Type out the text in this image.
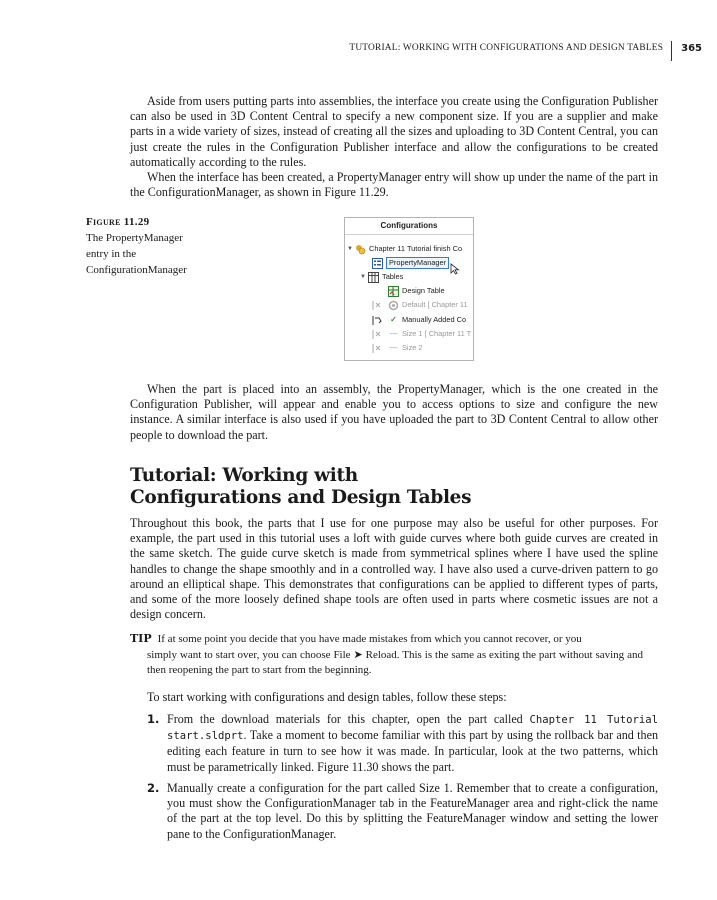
TUTORIAL: WORKING WITH CONFIGURATIONS AND DESIGN TABLES	365

Aside from users putting parts into assemblies, the interface you create using the Configuration Publisher can also be used in 3D Content Central to specify a new component size. If you are a supplier and make parts in a wide variety of sizes, instead of creating all the sizes and uploading to 3D Content Central, you can just create the rules in the Configuration Publisher interface and allow the configurations to be created automatically according to the rules.

When the interface has been created, a PropertyManager entry will show up under the name of the part in the ConfigurationManager, as shown in Figure 11.29.

Figure 11.29
The PropertyManager
entry in the
ConfigurationManager
Configurations
▼ Chapter 11 Tutorial finish Co
PropertyManager
▼ Tables
Design Table
Default [ Chapter 11
✓ Manually Added Co
— Size 1 [ Chapter 11 T
— Size 2

When the part is placed into an assembly, the PropertyManager, which is the one created in the Configuration Publisher, will appear and enable you to access options to size and configure the new instance. A similar interface is also used if you have uploaded the part to 3D Content Central to allow other people to download the part.

Tutorial: Working with
Configurations and Design Tables

Throughout this book, the parts that I use for one purpose may also be useful for other purposes. For example, the part used in this tutorial uses a loft with guide curves where both guide curves are created in the same sketch. The guide curve sketch is made from symmetrical splines where I have used the spline handles to change the shape smoothly and in a controlled way. I have also used a curve-driven pattern to go around an elliptical shape. This demonstrates that configurations can be applied to different types of parts, and some of the more loosely defined shape tools are often used in parts where cosmetic issues are not a design concern.

TIP If at some point you decide that you have made mistakes from which you cannot recover, or you
simply want to start over, you can choose File ➤ Reload. This is the same as exiting the part without saving and then reopening the part to start from the beginning.

To start working with configurations and design tables, follow these steps:

1. From the download materials for this chapter, open the part called Chapter 11 Tutorial start.sldprt. Take a moment to become familiar with this part by using the rollback bar and then editing each feature in turn to see how it was made. In particular, look at the two patterns, which must be parametrically linked. Figure 11.30 shows the part.
2. Manually create a configuration for the part called Size 1. Remember that to create a configuration, you must show the ConfigurationManager tab in the FeatureManager area and right-click the name of the part at the top level. Do this by splitting the FeatureManager window and setting the lower pane to the ConfigurationManager.
